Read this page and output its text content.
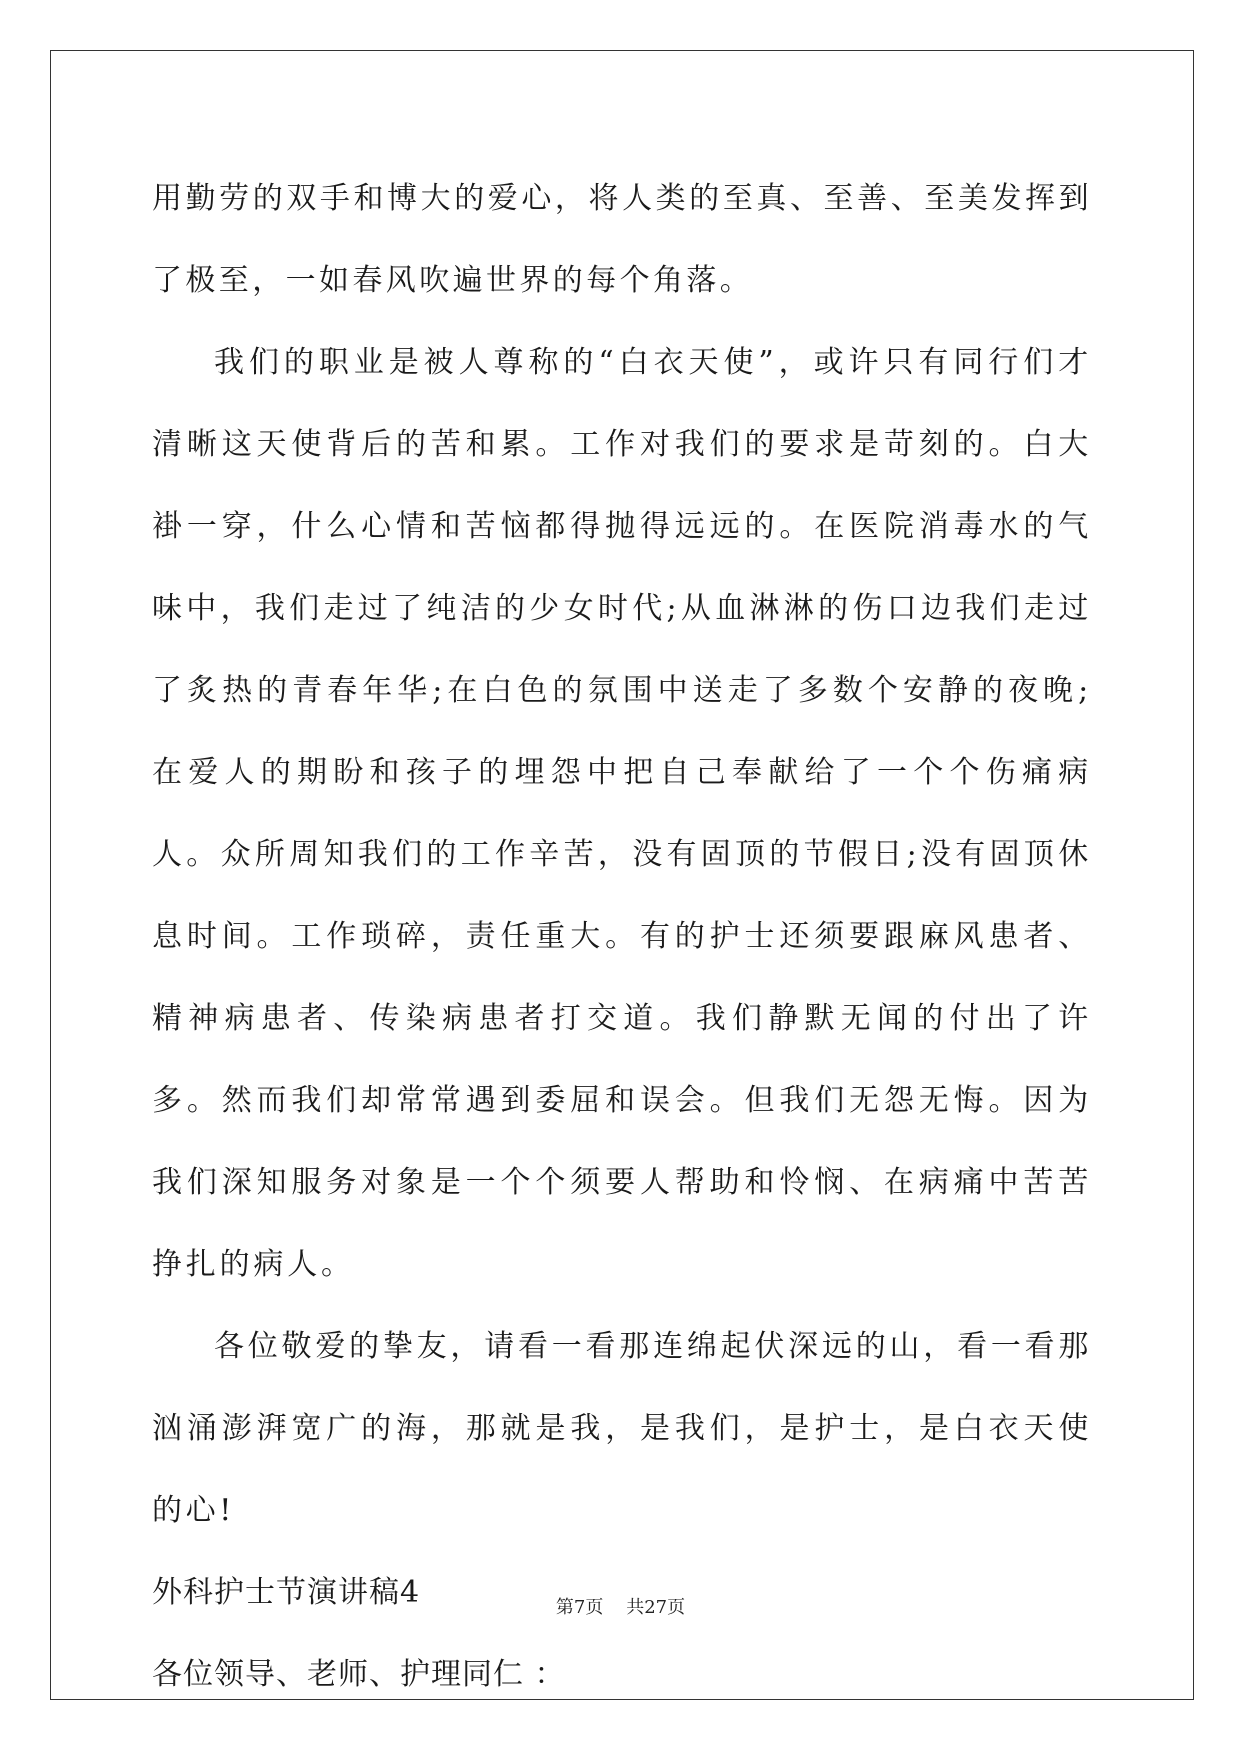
用勤劳的双手和博大的爱心，将人类的至真、至善、至美发挥到了极至，一如春风吹遍世界的每个角落。

我们的职业是被人尊称的“白衣天使”，或许只有同行们才清晰这天使背后的苦和累。工作对我们的要求是苛刻的。白大褂一穿，什么心情和苦恼都得抛得远远的。在医院消毒水的气味中，我们走过了纯洁的少女时代;从血淋淋的伤口边我们走过了炙热的青春年华;在白色的氛围中送走了多数个安静的夜晚;在爱人的期盼和孩子的埋怨中把自己奉献给了一个个伤痛病人。众所周知我们的工作辛苦，没有固顶的节假日;没有固顶休息时间。工作琐碎，责任重大。有的护士还须要跟麻风患者、精神病患者、传染病患者打交道。我们静默无闻的付出了许多。然而我们却常常遇到委屈和误会。但我们无怨无悔。因为我们深知服务对象是一个个须要人帮助和怜悯、在病痛中苦苦挣扎的病人。

各位敬爱的挚友，请看一看那连绵起伏深远的山，看一看那汹涌澎湃宽广的海，那就是我，是我们，是护士，是白衣天使的心!

外科护士节演讲稿4

各位领导、老师、护理同仁 ：

第7页    共27页
